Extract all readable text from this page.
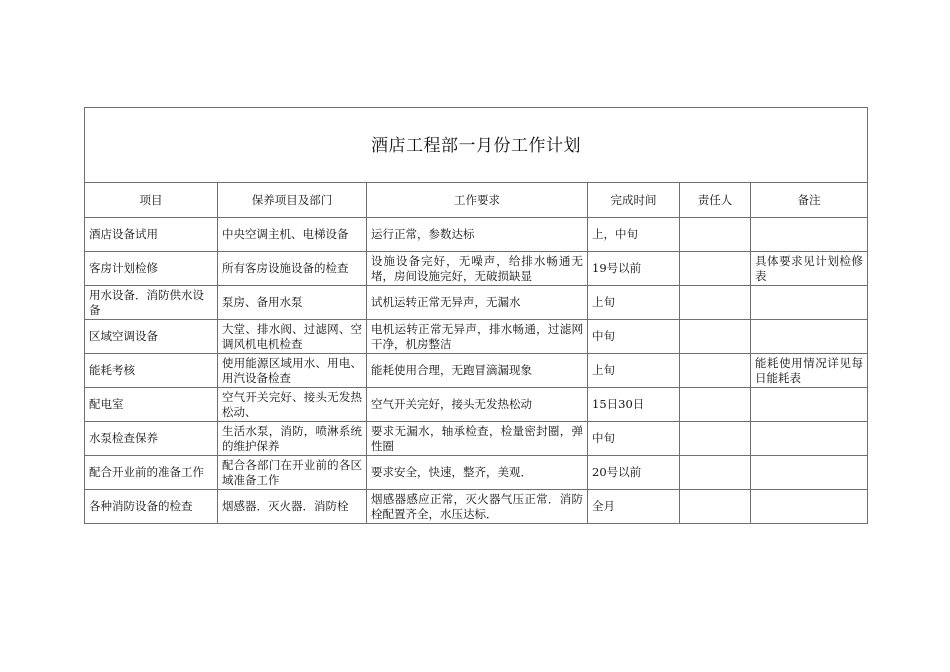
酒店工程部一月份工作计划					
项目	保养项目及部门	工作要求	完成时间	责任人	备注
酒店设备试用	中央空调主机、电梯设备	运行正常，参数达标	上，中旬		
客房计划检修	所有客房设施设备的检查	设施设备完好，无噪声，给排水畅通无堵，房间设施完好，无破损缺显	19号以前		具体要求见计划检修表
用水设备．消防供水设备	泵房、备用水泵	试机运转正常无异声，无漏水	上旬		
区域空调设备	大堂、排水阀、过滤网、空调风机电机检查	电机运转正常无异声，排水畅通，过滤网干净，机房整洁	中旬		
能耗考核	使用能源区域用水、用电、用汽设备检查	能耗使用合理，无跑冒滴漏现象	上旬		能耗使用情况详见每日能耗表
配电室	空气开关完好、接头无发热松动、	空气开关完好，接头无发热松动	15日30日		
水泵检查保养	生活水泵，消防，喷淋系统的维护保养	要求无漏水，轴承检查，检量密封圈，弹性圈	中旬		
配合开业前的准备工作	配合各部门在开业前的各区域准备工作	要求安全，快速，整齐，美观．	20号以前		
各种消防设备的检查	烟感器．灭火器．消防栓	烟感器感应正常，灭火器气压正常．消防栓配置齐全，水压达标．	全月		
